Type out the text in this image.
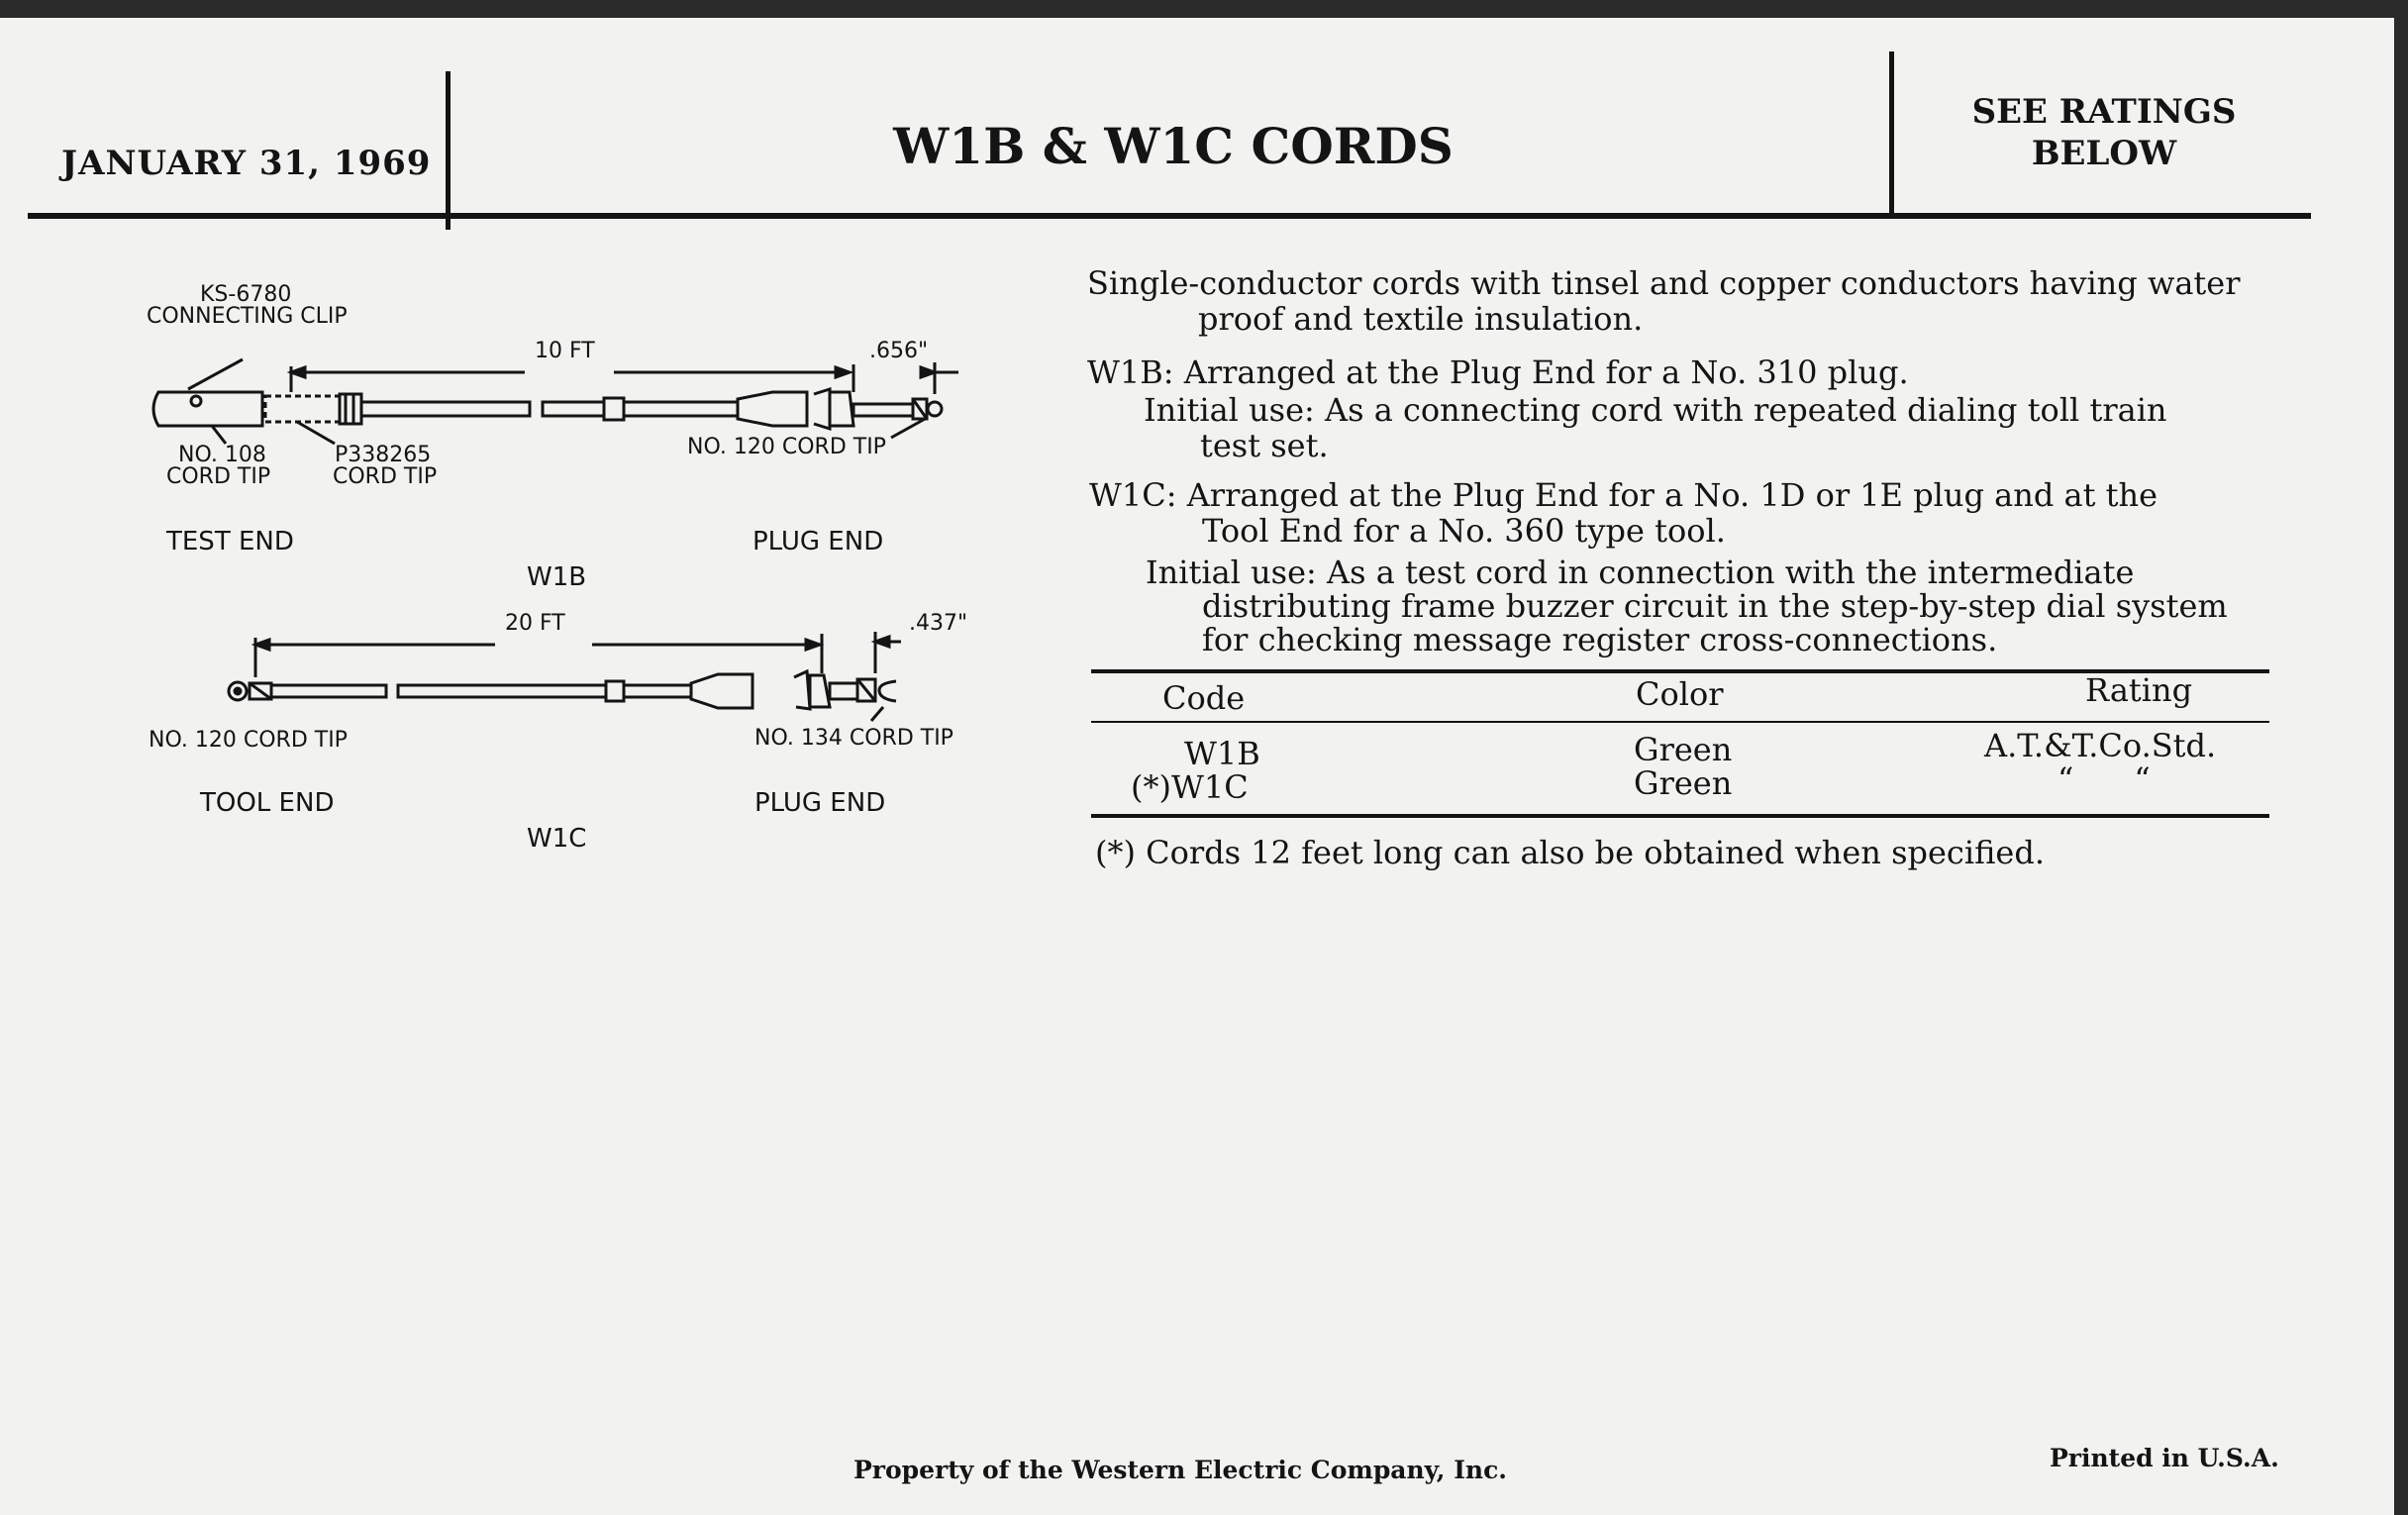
JANUARY 31, 1969	W1B & W1C CORDS
SEE RATINGS
BELOW
KS-6780
CONNECTING CLIP
10 FT	.656"
NO. 108
CORD TIP
P338265
CORD TIP
NO. 120 CORD TIP
TEST END	PLUG END
W1B
20 FT	.437"
NO. 120 CORD TIP	NO. 134 CORD TIP
TOOL END	PLUG END
W1C
Single-conductor cords with tinsel and copper conductors having water
proof and textile insulation.
W1B: Arranged at the Plug End for a No. 310 plug.
Initial use: As a connecting cord with repeated dialing toll train
test set.
W1C: Arranged at the Plug End for a No. 1D or 1E plug and at the
Tool End for a No. 360 type tool.
Initial use: As a test cord in connection with the intermediate
distributing frame buzzer circuit in the step-by-step dial system
for checking message register cross-connections.
Code	Color	Rating
W1B	Green	A.T.&T.Co.Std.
(*)W1C	Green	“      “
(*) Cords 12 feet long can also be obtained when specified.
Property of the Western Electric Company, Inc.	Printed in U.S.A.
